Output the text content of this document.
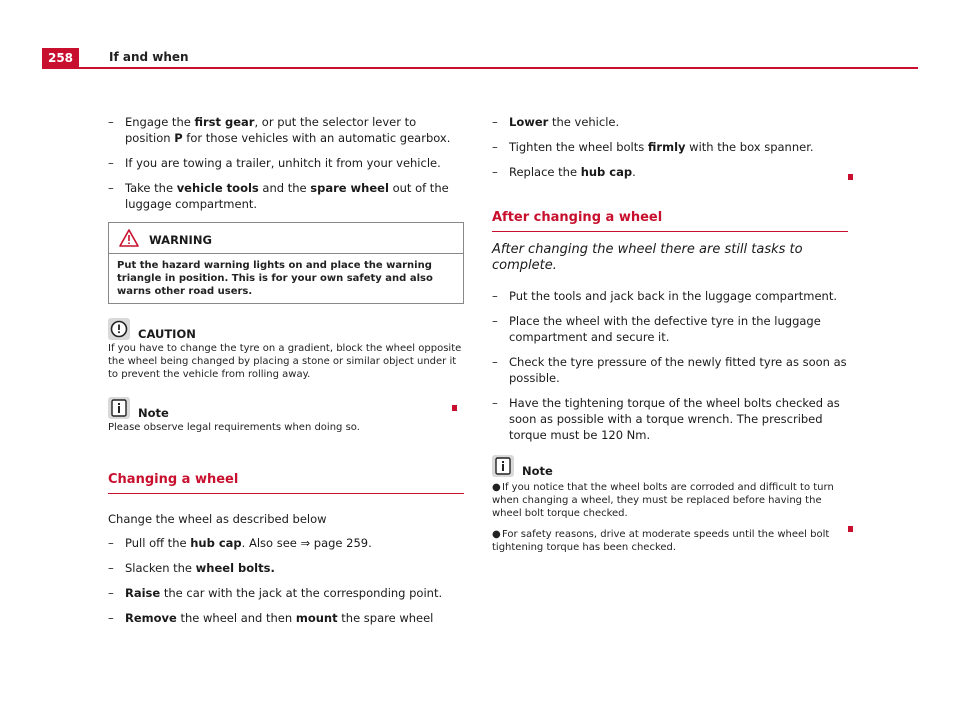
258	If and when
– Engage the first gear, or put the selector lever to position P for those vehicles with an automatic gearbox.
– If you are towing a trailer, unhitch it from your vehicle.
– Take the vehicle tools and the spare wheel out of the luggage compartment.
WARNING
Put the hazard warning lights on and place the warning triangle in position. This is for your own safety and also warns other road users.
CAUTION
If you have to change the tyre on a gradient, block the wheel opposite the wheel being changed by placing a stone or similar object under it to prevent the vehicle from rolling away.
Note
Please observe legal requirements when doing so.
Changing a wheel
Change the wheel as described below
– Pull off the hub cap. Also see ⇒ page 259.
– Slacken the wheel bolts.
– Raise the car with the jack at the corresponding point.
– Remove the wheel and then mount the spare wheel
– Lower the vehicle.
– Tighten the wheel bolts firmly with the box spanner.
– Replace the hub cap.
After changing a wheel
After changing the wheel there are still tasks to complete.
– Put the tools and jack back in the luggage compartment.
– Place the wheel with the defective tyre in the luggage compartment and secure it.
– Check the tyre pressure of the newly fitted tyre as soon as possible.
– Have the tightening torque of the wheel bolts checked as soon as possible with a torque wrench. The prescribed torque must be 120 Nm.
Note
●If you notice that the wheel bolts are corroded and difficult to turn when changing a wheel, they must be replaced before having the wheel bolt torque checked.
●For safety reasons, drive at moderate speeds until the wheel bolt tightening torque has been checked.
